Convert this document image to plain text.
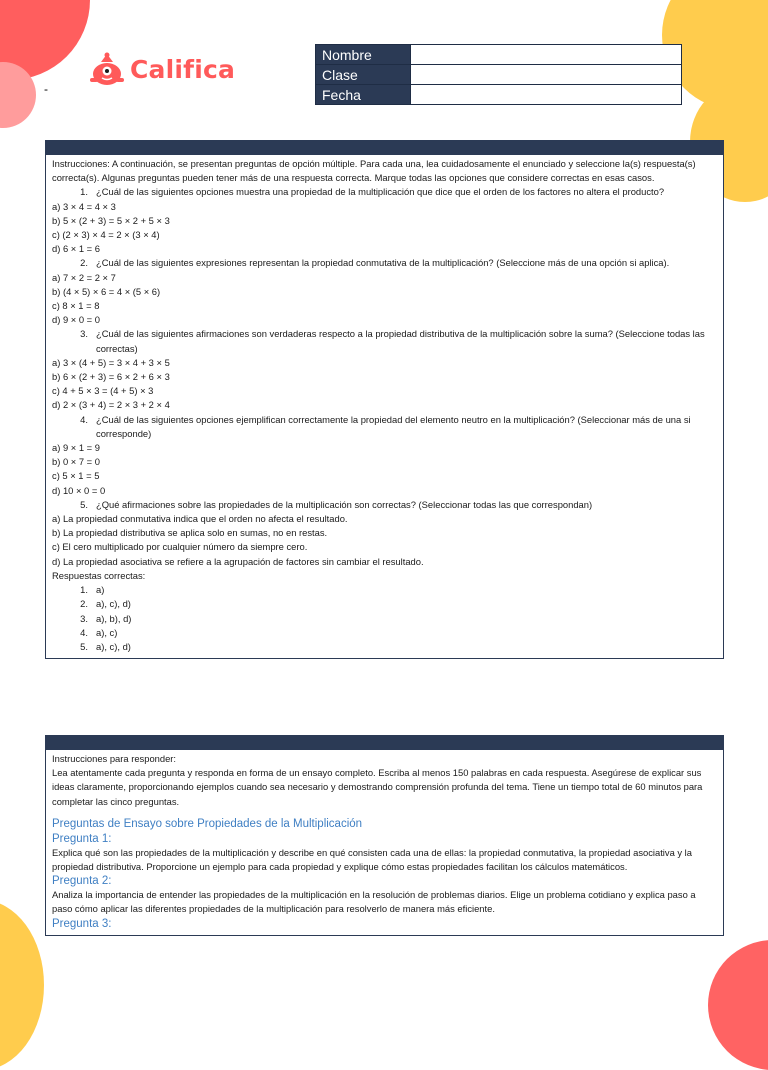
Califica
-
Nombre	
Clase	
Fecha	

Instrucciones: A continuación, se presentan preguntas de opción múltiple. Para cada una, lea cuidadosamente el enunciado y seleccione la(s) respuesta(s) correcta(s). Algunas preguntas pueden tener más de una respuesta correcta. Marque todas las opciones que considere correctas en esas casos.

1. ¿Cuál de las siguientes opciones muestra una propiedad de la multiplicación que dice que el orden de los factores no altera el producto?
a) 3 × 4 = 4 × 3
b) 5 × (2 + 3) = 5 × 2 + 5 × 3
c) (2 × 3) × 4 = 2 × (3 × 4)
d) 6 × 1 = 6
2. ¿Cuál de las siguientes expresiones representan la propiedad conmutativa de la multiplicación? (Seleccione más de una opción si aplica).
a) 7 × 2 = 2 × 7
b) (4 × 5) × 6 = 4 × (5 × 6)
c) 8 × 1 = 8
d) 9 × 0 = 0
3. ¿Cuál de las siguientes afirmaciones son verdaderas respecto a la propiedad distributiva de la multiplicación sobre la suma? (Seleccione todas las correctas)
a) 3 × (4 + 5) = 3 × 4 + 3 × 5
b) 6 × (2 + 3) = 6 × 2 + 6 × 3
c) 4 + 5 × 3 = (4 + 5) × 3
d) 2 × (3 + 4) = 2 × 3 + 2 × 4
4. ¿Cuál de las siguientes opciones ejemplifican correctamente la propiedad del elemento neutro en la multiplicación? (Seleccionar más de una si corresponde)
a) 9 × 1 = 9
b) 0 × 7 = 0
c) 5 × 1 = 5
d) 10 × 0 = 0
5. ¿Qué afirmaciones sobre las propiedades de la multiplicación son correctas? (Seleccionar todas las que correspondan)
a) La propiedad conmutativa indica que el orden no afecta el resultado.
b) La propiedad distributiva se aplica solo en sumas, no en restas.
c) El cero multiplicado por cualquier número da siempre cero.
d) La propiedad asociativa se refiere a la agrupación de factores sin cambiar el resultado.
Respuestas correctas:
1. a)
2. a), c), d)
3. a), b), d)
4. a), c)
5. a), c), d)
Instrucciones para responder:

Lea atentamente cada pregunta y responda en forma de un ensayo completo. Escriba al menos 150 palabras en cada respuesta. Asegúrese de explicar sus ideas claramente, proporcionando ejemplos cuando sea necesario y demostrando comprensión profunda del tema. Tiene un tiempo total de 60 minutos para completar las cinco preguntas.

Preguntas de Ensayo sobre Propiedades de la Multiplicación
Pregunta 1:

Explica qué son las propiedades de la multiplicación y describe en qué consisten cada una de ellas: la propiedad conmutativa, la propiedad asociativa y la propiedad distributiva. Proporcione un ejemplo para cada propiedad y explique cómo estas propiedades facilitan los cálculos matemáticos.

Pregunta 2:

Analiza la importancia de entender las propiedades de la multiplicación en la resolución de problemas diarios. Elige un problema cotidiano y explica paso a paso cómo aplicar las diferentes propiedades de la multiplicación para resolverlo de manera más eficiente.

Pregunta 3:
